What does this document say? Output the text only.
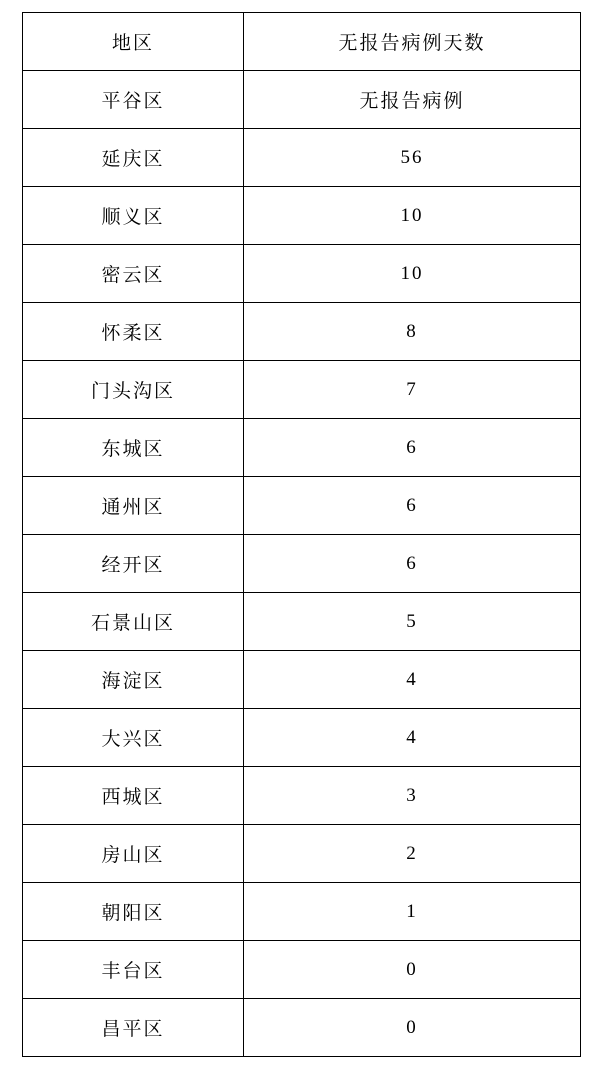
地区	无报告病例天数
平谷区	无报告病例
延庆区	56
顺义区	10
密云区	10
怀柔区	8
门头沟区	7
东城区	6
通州区	6
经开区	6
石景山区	5
海淀区	4
大兴区	4
西城区	3
房山区	2
朝阳区	1
丰台区	0
昌平区	0
